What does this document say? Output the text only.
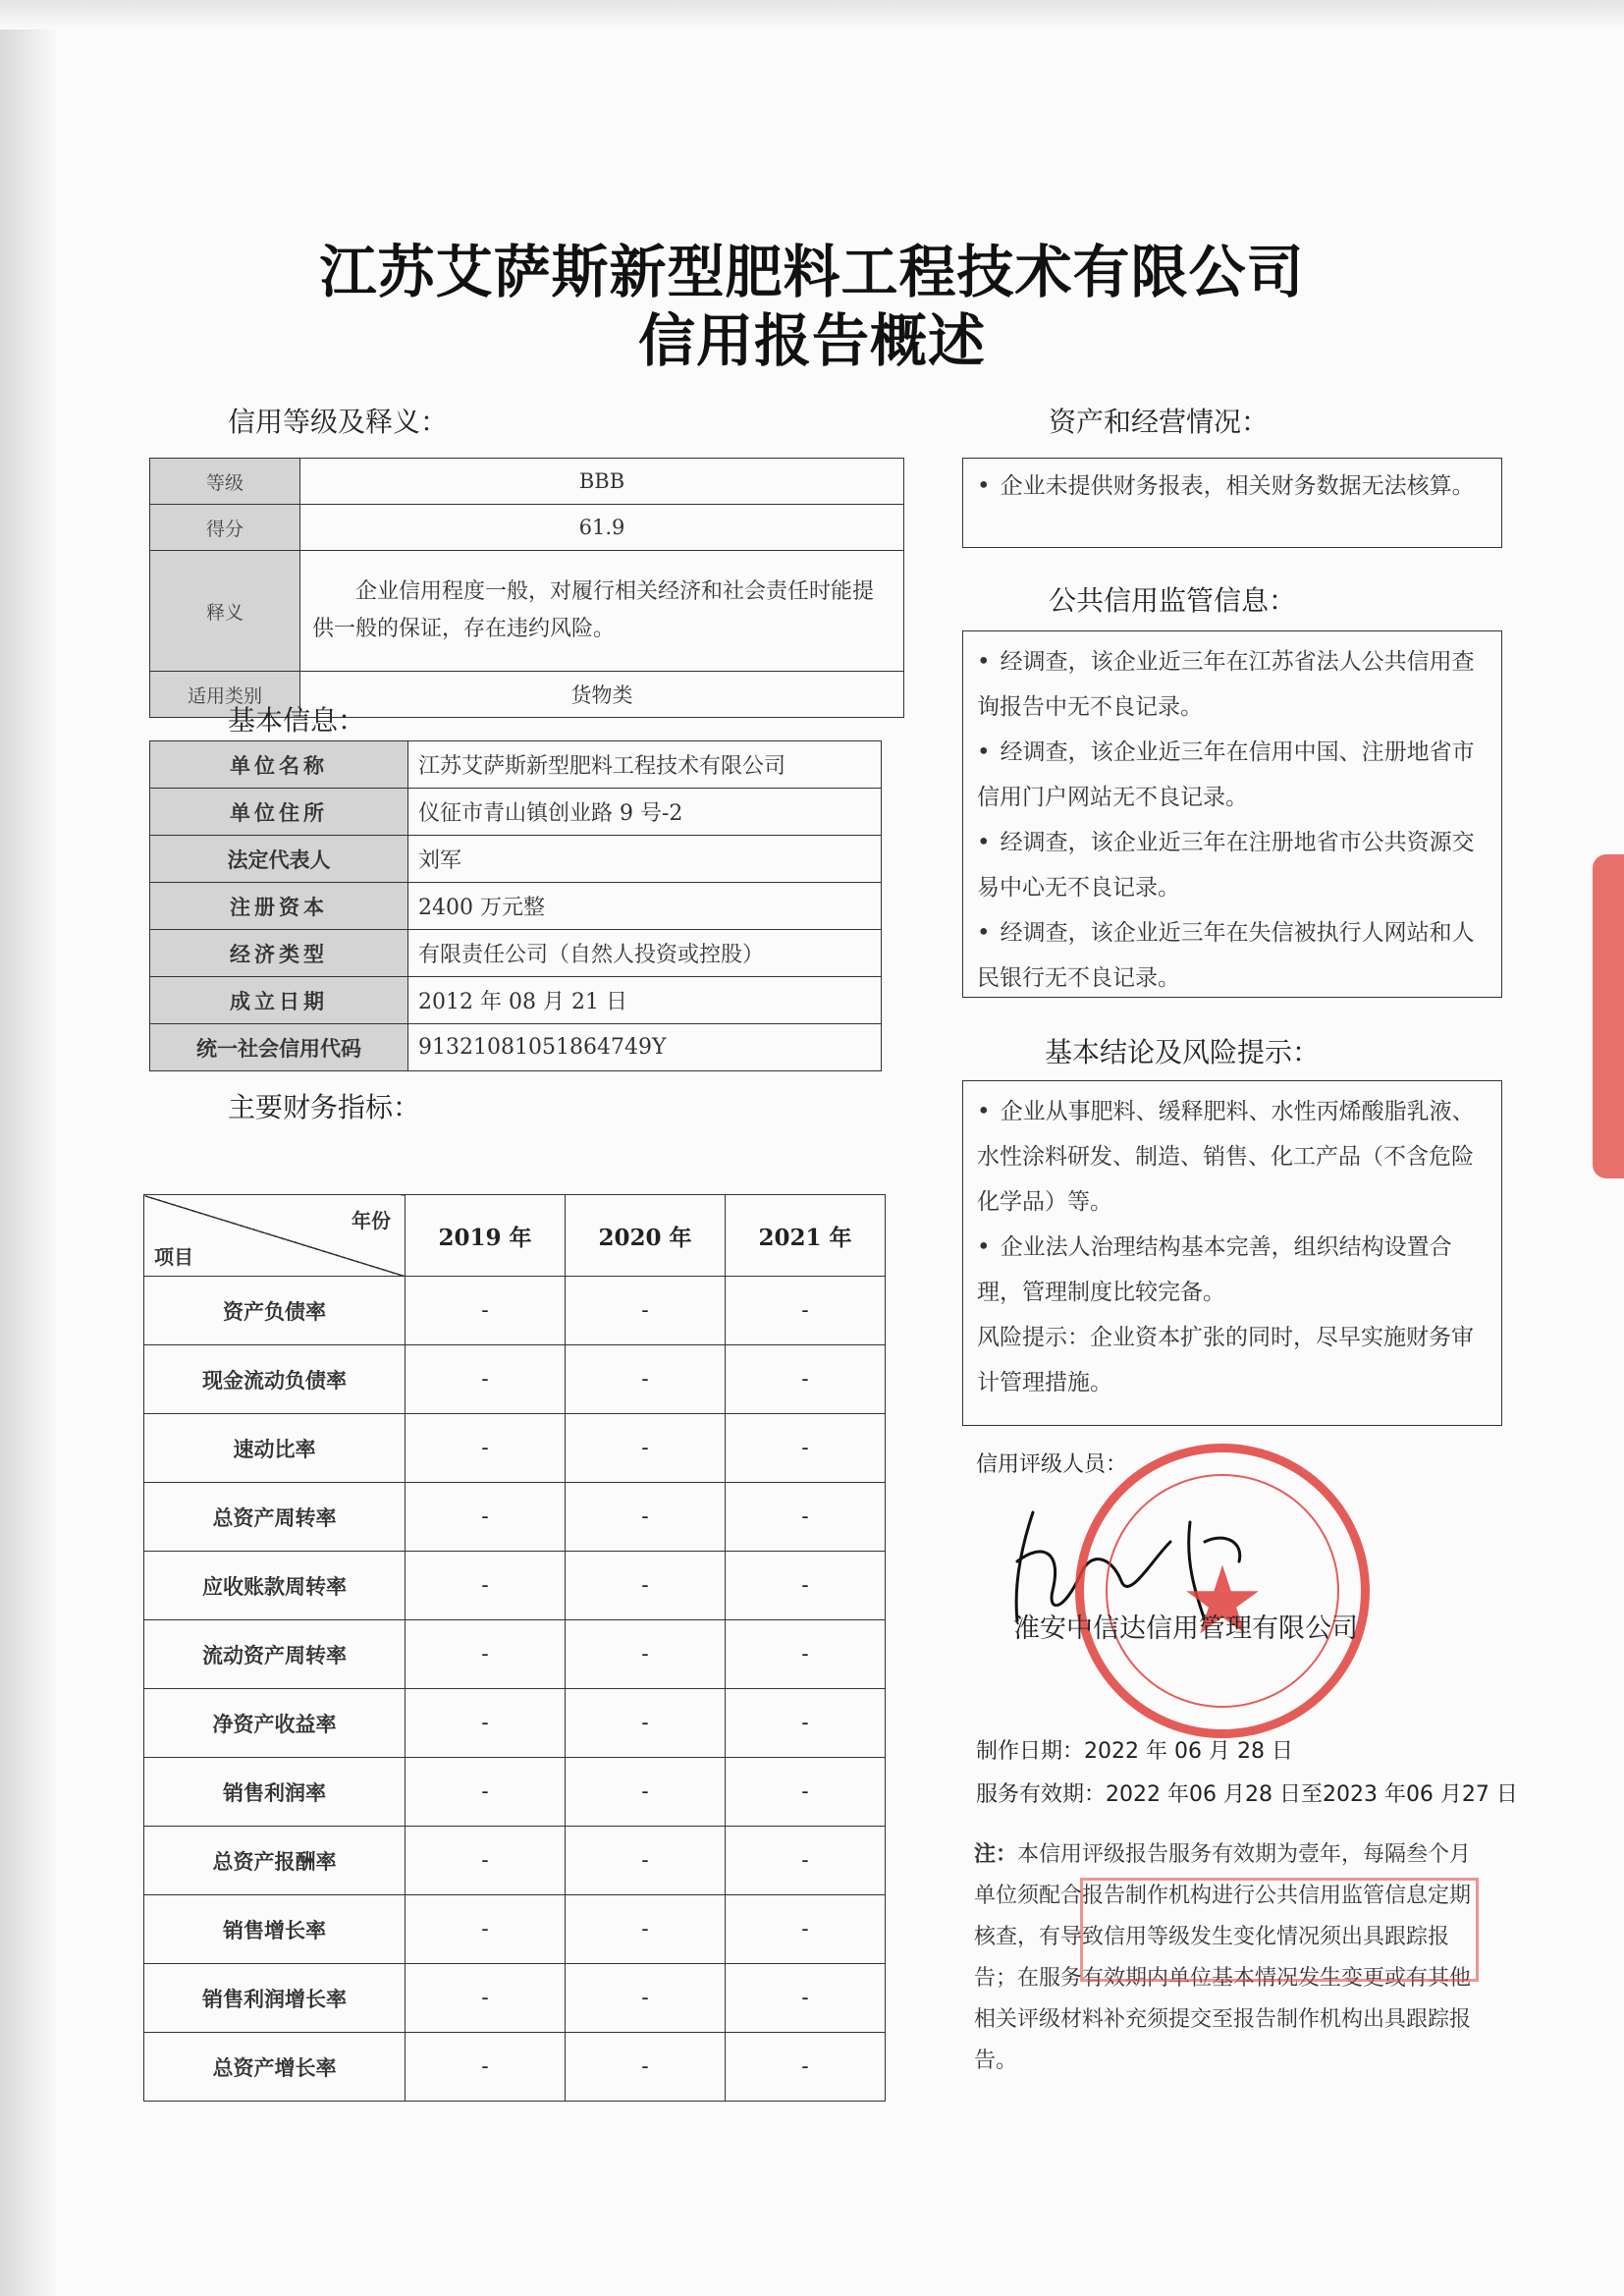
江苏艾萨斯新型肥料工程技术有限公司
信用报告概述
信用等级及释义：
等级	BBB
得分	61.9
释义	企业信用程度一般，对履行相关经济和社会责任时能提供一般的保证，存在违约风险。
适用类别	货物类
基本信息：
单位名称	江苏艾萨斯新型肥料工程技术有限公司
单位住所	仪征市青山镇创业路 9 号-2
法定代表人	刘军
注册资本	2400 万元整
经济类型	有限责任公司（自然人投资或控股）
成立日期	2012 年 08 月 21 日
统一社会信用代码	91321081051864749Y
主要财务指标：
年份
项目	2019 年	2020 年	2021 年
资产负债率	-	-	-
现金流动负债率	-	-	-
速动比率	-	-	-
总资产周转率	-	-	-
应收账款周转率	-	-	-
流动资产周转率	-	-	-
净资产收益率	-	-	-
销售利润率	-	-	-
总资产报酬率	-	-	-
销售增长率	-	-	-
销售利润增长率	-	-	-
总资产增长率	-	-	-
资产和经营情况：

• 企业未提供财务报表，相关财务数据无法核算。

公共信用监管信息：

• 经调查，该企业近三年在江苏省法人公共信用查询报告中无不良记录。

• 经调查，该企业近三年在信用中国、注册地省市信用门户网站无不良记录。

• 经调查，该企业近三年在注册地省市公共资源交易中心无不良记录。

• 经调查，该企业近三年在失信被执行人网站和人民银行无不良记录。

基本结论及风险提示：

• 企业从事肥料、缓释肥料、水性丙烯酸脂乳液、水性涂料研发、制造、销售、化工产品（不含危险化学品）等。

• 企业法人治理结构基本完善，组织结构设置合理，管理制度比较完备。

风险提示：企业资本扩张的同时，尽早实施财务审计管理措施。

信用评级人员：
★
淮安中信达信用管理有限公司
制作日期：2022 年 06 月 28 日
服务有效期：2022 年06 月28 日至2023 年06 月27 日
注：本信用评级报告服务有效期为壹年，每隔叁个月单位须配合报告制作机构进行公共信用监管信息定期核查，有导致信用等级发生变化情况须出具跟踪报告；在服务有效期内单位基本情况发生变更或有其他相关评级材料补充须提交至报告制作机构出具跟踪报告。
